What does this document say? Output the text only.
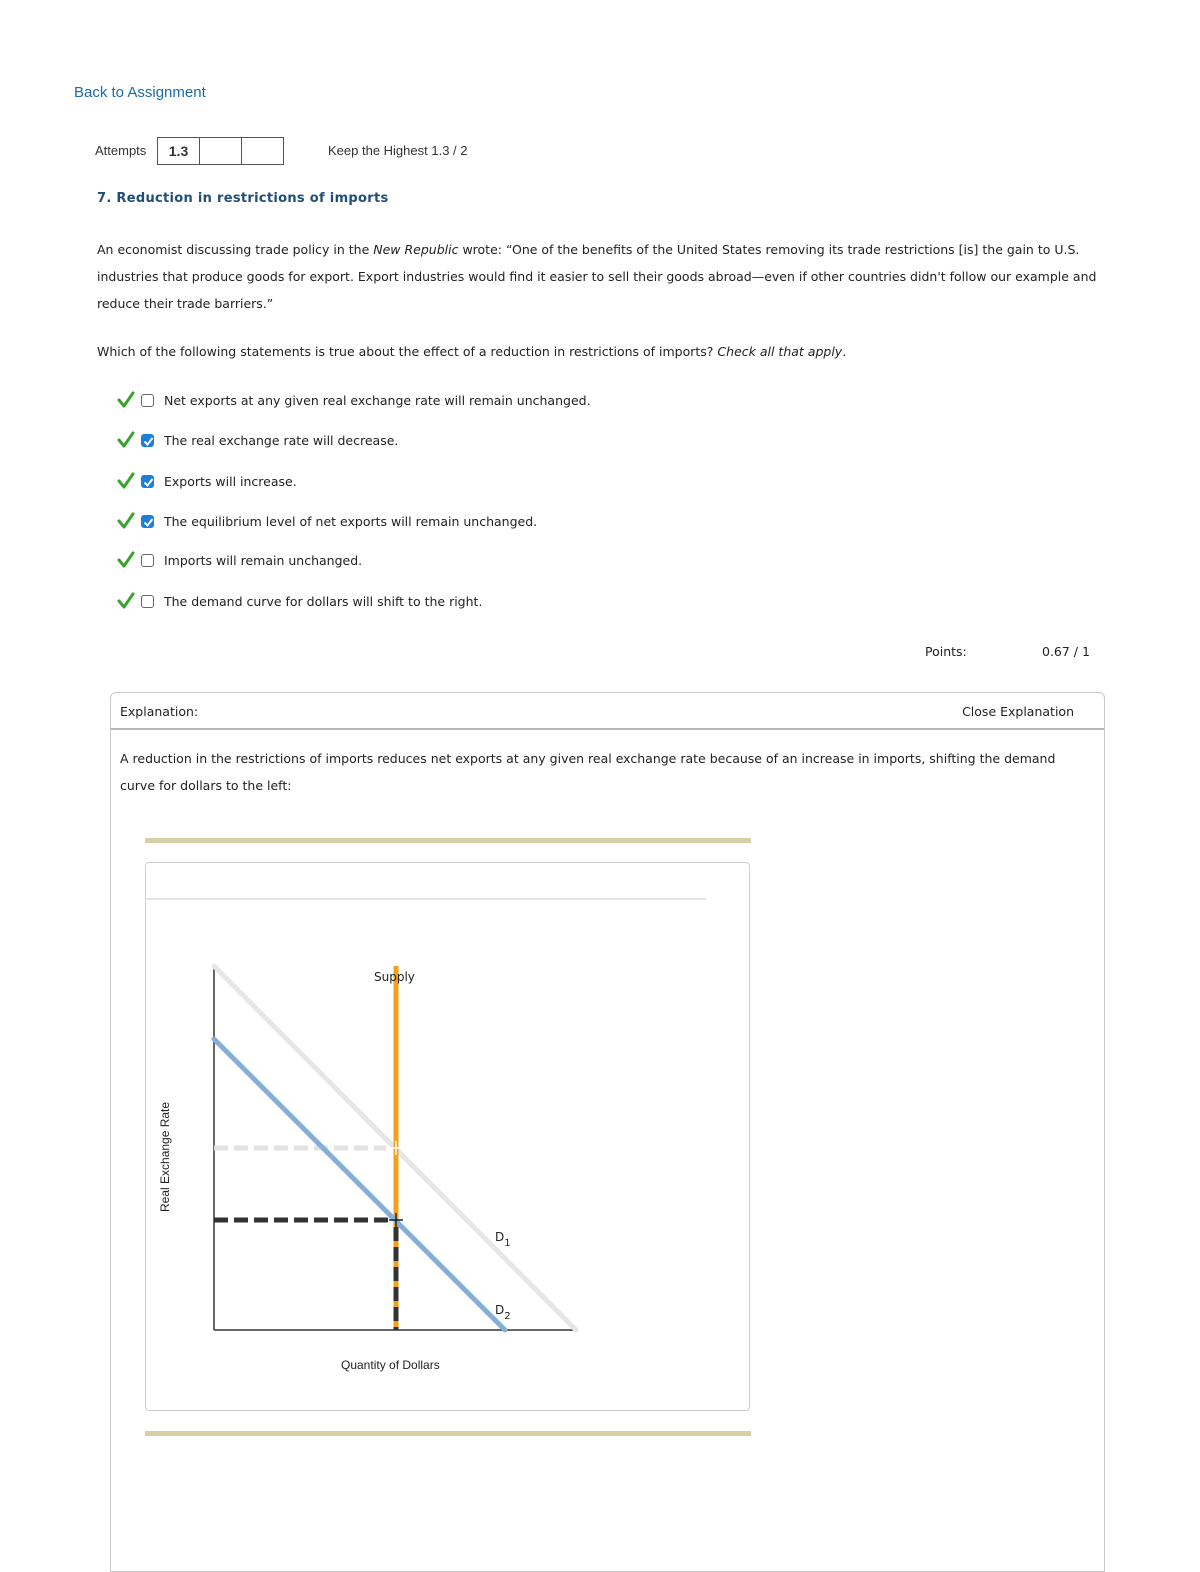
Back to Assignment
Attempts	1.3	Keep the Highest 1.3 / 2
7. Reduction in restrictions of imports
An economist discussing trade policy in the New Republic wrote: “One of the benefits of the United States removing its trade restrictions [is] the gain to U.S. industries that produce goods for export. Export industries would find it easier to sell their goods abroad—even if other countries didn't follow our example and reduce their trade barriers.”
Which of the following statements is true about the effect of a reduction in restrictions of imports? Check all that apply.
Net exports at any given real exchange rate will remain unchanged.
The real exchange rate will decrease.
Exports will increase.
The equilibrium level of net exports will remain unchanged.
Imports will remain unchanged.
The demand curve for dollars will shift to the right.
Points:	0.67 / 1
Explanation:	Close Explanation
A reduction in the restrictions of imports reduces net exports at any given real exchange rate because of an increase in imports, shifting the demand curve for dollars to the left:
Supply
$D_1$
$D_2$
Real Exchange Rate
Quantity of Dollars
